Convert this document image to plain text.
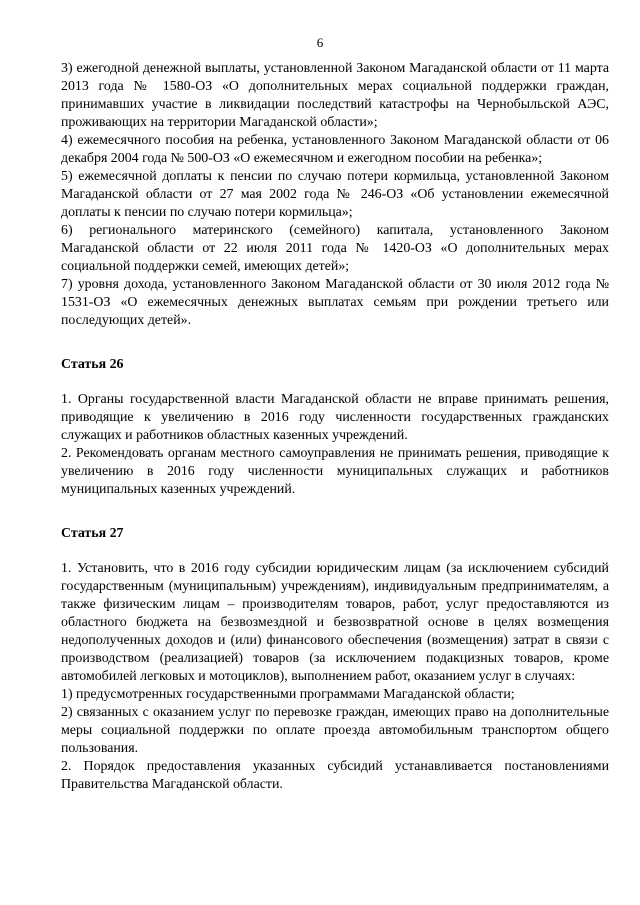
6

3) ежегодной денежной выплаты, установленной Законом Магаданской области от 11 марта 2013 года № 1580-ОЗ «О дополнительных мерах социальной поддержки граждан, принимавших участие в ликвидации последствий катастрофы на Чернобыльской АЭС, проживающих на территории Магаданской области»;

4) ежемесячного пособия на ребенка, установленного Законом Магаданской области от 06 декабря 2004 года № 500-ОЗ «О ежемесячном и ежегодном пособии на ребенка»;

5) ежемесячной доплаты к пенсии по случаю потери кормильца, установленной Законом Магаданской области от 27 мая 2002 года № 246-ОЗ «Об установлении ежемесячной доплаты к пенсии по случаю потери кормильца»;

6) регионального материнского (семейного) капитала, установленного Законом Магаданской области от 22 июля 2011 года № 1420-ОЗ «О дополнительных мерах социальной поддержки семей, имеющих детей»;

7) уровня дохода, установленного Законом Магаданской области от 30 июля 2012 года № 1531-ОЗ «О ежемесячных денежных выплатах семьям при рождении третьего или последующих детей».

Статья 26

1. Органы государственной власти Магаданской области не вправе принимать решения, приводящие к увеличению в 2016 году численности государственных гражданских служащих и работников областных казенных учреждений.

2. Рекомендовать органам местного самоуправления не принимать решения, приводящие к увеличению в 2016 году численности муниципальных служащих и работников муниципальных казенных учреждений.

Статья 27

1. Установить, что в 2016 году субсидии юридическим лицам (за исключением субсидий государственным (муниципальным) учреждениям), индивидуальным предпринимателям, а также физическим лицам – производителям товаров, работ, услуг предоставляются из областного бюджета на безвозмездной и безвозвратной основе в целях возмещения недополученных доходов и (или) финансового обеспечения (возмещения) затрат в связи с производством (реализацией) товаров (за исключением подакцизных товаров, кроме автомобилей легковых и мотоциклов), выполнением работ, оказанием услуг в случаях:

1) предусмотренных государственными программами Магаданской области;

2) связанных с оказанием услуг по перевозке граждан, имеющих право на дополнительные меры социальной поддержки по оплате проезда автомобильным транспортом общего пользования.

2. Порядок предоставления указанных субсидий устанавливается постановлениями Правительства Магаданской области.
